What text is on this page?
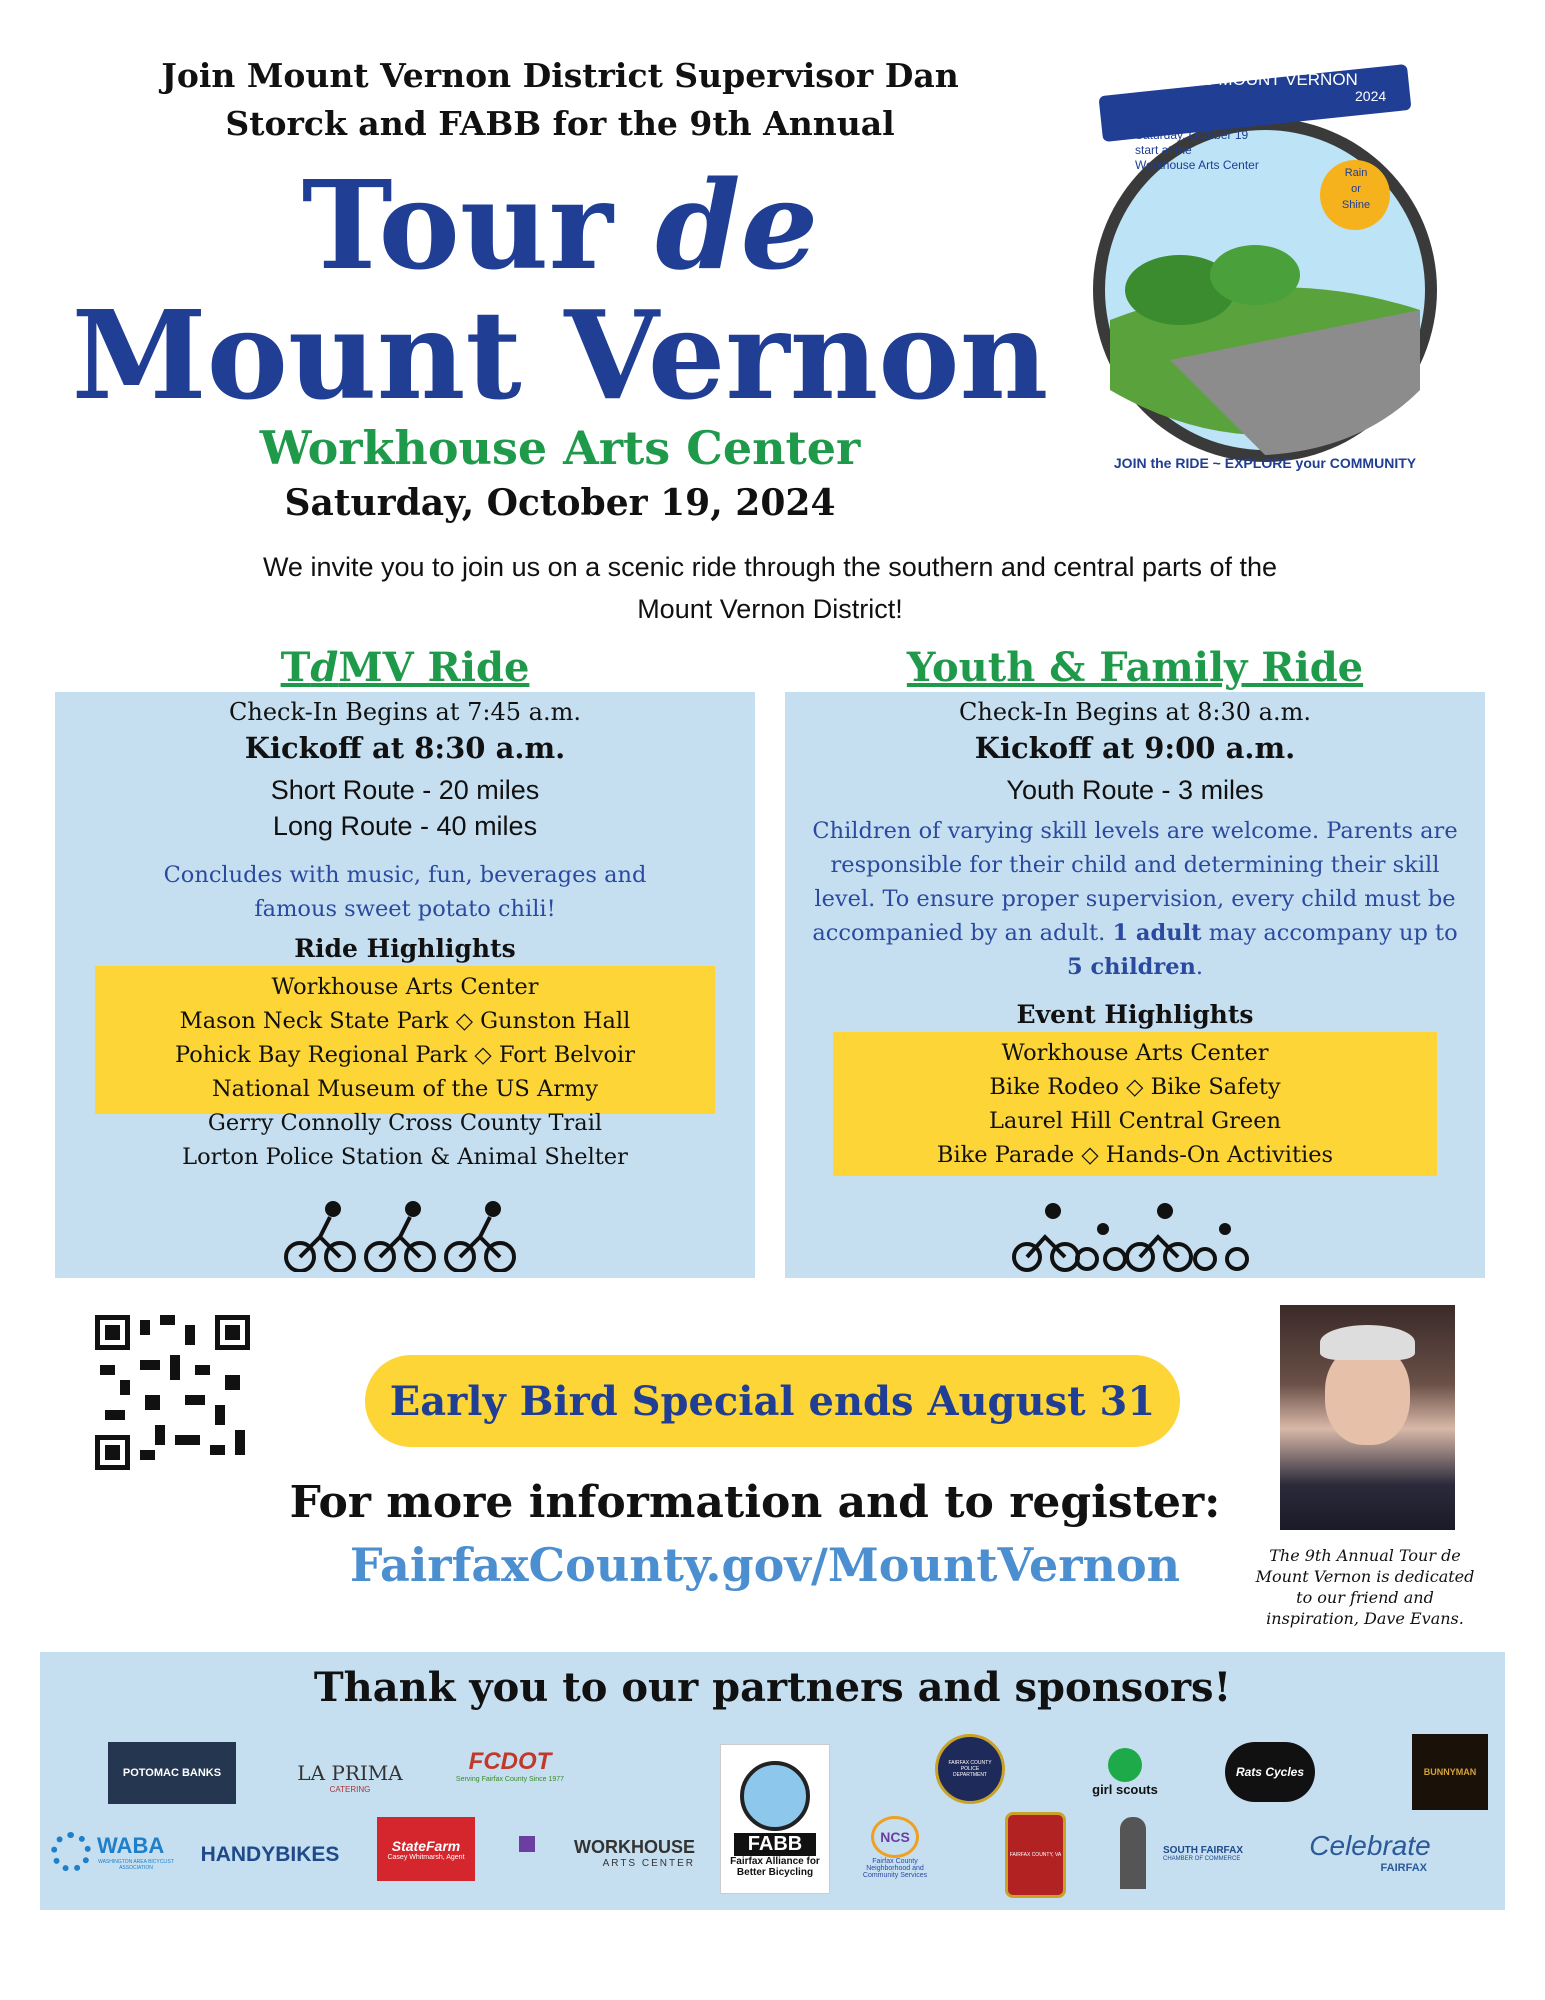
Join Mount Vernon District Supervisor Dan
Storck and FABB for the 9th Annual
Tour de
Mount Vernon
Workhouse Arts Center
Saturday, October 19, 2024
TOUR de MOUNT VERNON
2024
Saturday, October 19
start at the
Workhouse Arts Center
Rain
or
Shine
JOIN the RIDE ~ EXPLORE your COMMUNITY
We invite you to join us on a scenic ride through the southern and central parts of the
Mount Vernon District!
TdMV Ride	Youth & Family Ride
Check-In Begins at 7:45 a.m.
Kickoff at 8:30 a.m.
Short Route - 20 miles
Long Route - 40 miles
Concludes with music, fun, beverages and
famous sweet potato chili!
Ride Highlights
Workhouse Arts Center
Mason Neck State Park ◇ Gunston Hall
Pohick Bay Regional Park ◇ Fort Belvoir
National Museum of the US Army
Gerry Connolly Cross County Trail
Lorton Police Station & Animal Shelter
Check-In Begins at 8:30 a.m.
Kickoff at 9:00 a.m.
Youth Route - 3 miles
Children of varying skill levels are welcome. Parents are
responsible for their child and determining their skill
level. To ensure proper supervision, every child must be
accompanied by an adult. 1 adult may accompany up to
5 children.
Event Highlights
Workhouse Arts Center
Bike Rodeo ◇ Bike Safety
Laurel Hill Central Green
Bike Parade ◇ Hands-On Activities
Early Bird Special ends August 31
The 9th Annual Tour de
Mount Vernon is dedicated
to our friend and
inspiration, Dave Evans.
For more information and to register:
FairfaxCounty.gov/MountVernon
Thank you to our partners and sponsors!
POTOMAC BANKS	LA PRIMA
CATERING
FCDOT
Serving Fairfax County Since 1977
FABB
Fairfax Alliance for
Better Bicycling
NCS
Fairfax County
Neighborhood and
Community Services
FAIRFAX COUNTY POLICE DEPARTMENT
FAIRFAX COUNTY, VA
girl scouts
Rats Cycles	BUNNYMAN
WABA
WASHINGTON AREA BICYCLIST ASSOCIATION
HANDYBIKES	StateFarm
Casey Whitmarsh, Agent
WORKHOUSE
ARTS CENTER
SOUTH FAIRFAX
CHAMBER OF COMMERCE Celebrate
FAIRFAX
